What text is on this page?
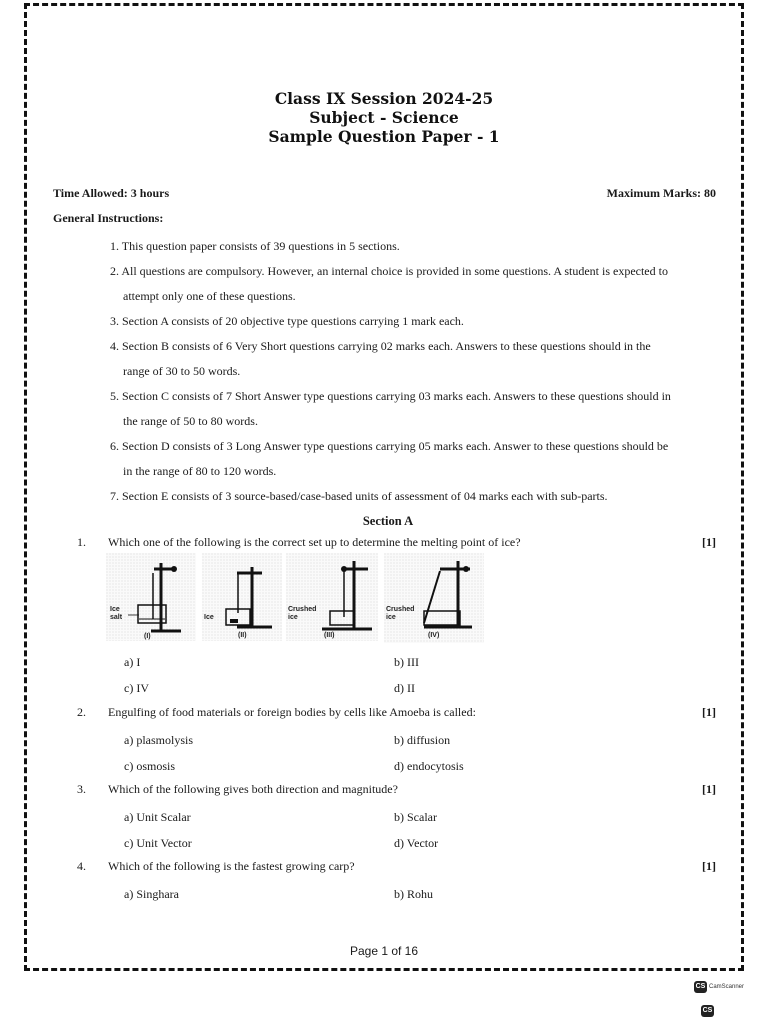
Class IX Session 2024-25
Subject - Science
Sample Question Paper - 1
Time Allowed: 3 hours	Maximum Marks: 80
General Instructions:
1. This question paper consists of 39 questions in 5 sections.
2. All questions are compulsory. However, an internal choice is provided in some questions. A student is expected to
attempt only one of these questions.
3. Section A consists of 20 objective type questions carrying 1 mark each.
4. Section B consists of 6 Very Short questions carrying 02 marks each. Answers to these questions should in the
range of 30 to 50 words.
5. Section C consists of 7 Short Answer type questions carrying 03 marks each. Answers to these questions should in
the range of 50 to 80 words.
6. Section D consists of 3 Long Answer type questions carrying 05 marks each. Answer to these questions should be
in the range of 80 to 120 words.
7. Section E consists of 3 source-based/case-based units of assessment of 04 marks each with sub-parts.
Section A
1. Which one of the following is the correct set up to determine the melting point of ice?	[1]
Ice
salt
(I)
Ice
(II)
Crushed
ice
(III)
Crushed
ice
(IV)
a) I	b) III
c) IV	d) II
2. Engulfing of food materials or foreign bodies by cells like Amoeba is called:	[1]
a) plasmolysis	b) diffusion
c) osmosis	d) endocytosis
3. Which of the following gives both direction and magnitude?	[1]
a) Unit Scalar	b) Scalar
c) Unit Vector	d) Vector
4. Which of the following is the fastest growing carp?	[1]
a) Singhara	b) Rohu
Page 1 of 16
CS CamScanner
CS
